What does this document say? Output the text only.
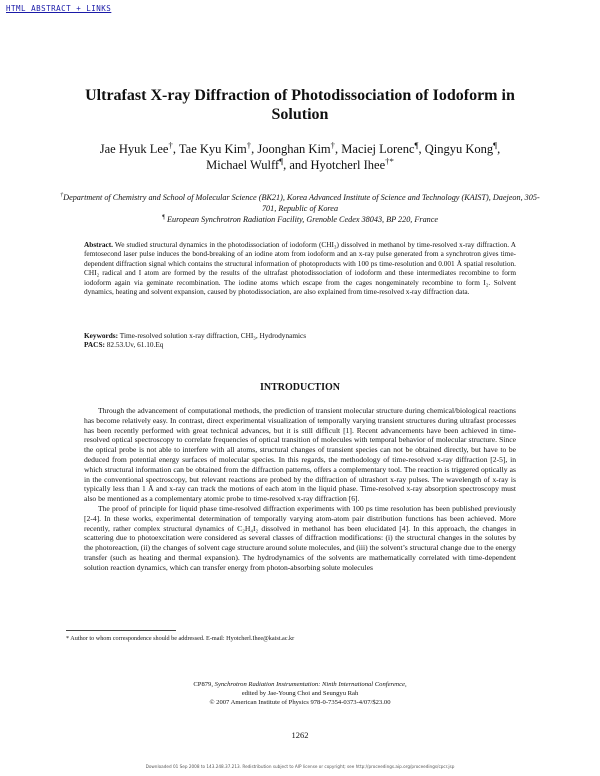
HTML ABSTRACT + LINKS
Ultrafast X-ray Diffraction of Photodissociation of Iodoform in Solution
Jae Hyuk Lee†, Tae Kyu Kim†, Joonghan Kim†, Maciej Lorenc¶, Qingyu Kong¶,
Michael Wulff¶, and Hyotcherl Ihee†*
†Department of Chemistry and School of Molecular Science (BK21), Korea Advanced Institute of Science and Technology (KAIST), Daejeon, 305-701, Republic of Korea
¶ European Synchrotron Radiation Facility, Grenoble Cedex 38043, BP 220, France
Abstract. We studied structural dynamics in the photodissociation of iodoform (CHI₃) dissolved in methanol by time-resolved x-ray diffraction. A femtosecond laser pulse induces the bond-breaking of an iodine atom from iodoform and an x-ray pulse generated from a synchrotron gives time-dependent diffraction signal which contains the structural information of photoproducts with 100 ps time-resolution and 0.001 Å spatial resolution. CHI₂ radical and I atom are formed by the results of the ultrafast photodissociation of iodoform and these intermediates recombine to form iodoform again via geminate recombination. The iodine atoms which escape from the cages nongeminately recombine to form I₂. Solvent dynamics, heating and solvent expansion, caused by photodissociation, are also explained from time-resolved x-ray diffraction data.
Keywords: Time-resolved solution x-ray diffraction, CHI₃, Hydrodynamics
PACS: 82.53.Uv, 61.10.Eq
INTRODUCTION

Through the advancement of computational methods, the prediction of transient molecular structure during chemical/biological reactions has become relatively easy. In contrast, direct experimental visualization of temporally varying transient structures during ultrafast processes has been recently performed with great technical advances, but it is still difficult [1]. Recent advancements have been achieved in time-resolved optical spectroscopy to correlate frequencies of optical transition of molecules with temporal behavior of molecular structure. Since the optical probe is not able to interfere with all atoms, structural changes of transient species can not be obtained directly, but have to be deduced from potential energy surfaces of molecular species. In this regards, the methodology of time-resolved x-ray diffraction [2-5], in which structural information can be obtained from the diffraction patterns, offers a complementary tool. The reaction is triggered optically as in the conventional spectroscopy, but relevant reactions are probed by the diffraction of ultrashort x-ray pulses. The wavelength of x-ray is typically less than 1 Å and x-ray can track the motions of each atom in the liquid phase. Time-resolved x-ray absorption spectroscopy must also be mentioned as a complementary atomic probe to time-resolved x-ray diffraction [6].

The proof of principle for liquid phase time-resolved diffraction experiments with 100 ps time resolution has been published previously [2-4]. In these works, experimental determination of temporally varying atom-atom pair distribution functions has been achieved. More recently, rather complex structural dynamics of C₂H₄I₂ dissolved in methanol has been elucidated [4]. In this approach, the changes in scattering due to photoexcitation were considered as several classes of diffraction modifications: (i) the structural changes in the solutes by the photoreaction, (ii) the changes of solvent cage structure around solute molecules, and (iii) the solvent’s structural change due to the energy transfer (such as heating and thermal expansion). The hydrodynamics of the solvents are mathematically correlated with time-dependent solution reaction dynamics, which can transfer energy from photon-absorbing solute molecules

* Author to whom correspondence should be addressed. E-mail: Hyotcherl.Ihee@kaist.ac.kr
CP879, Synchrotron Radiation Instrumentation: Ninth International Conference,
edited by Jae-Young Choi and Seungyu Rah
© 2007 American Institute of Physics 978-0-7354-0373-4/07/$23.00
1262
Downloaded 01 Sep 2008 to 143.248.37.213. Redistribution subject to AIP license or copyright; see http://proceedings.aip.org/proceedings/cpcr.jsp
